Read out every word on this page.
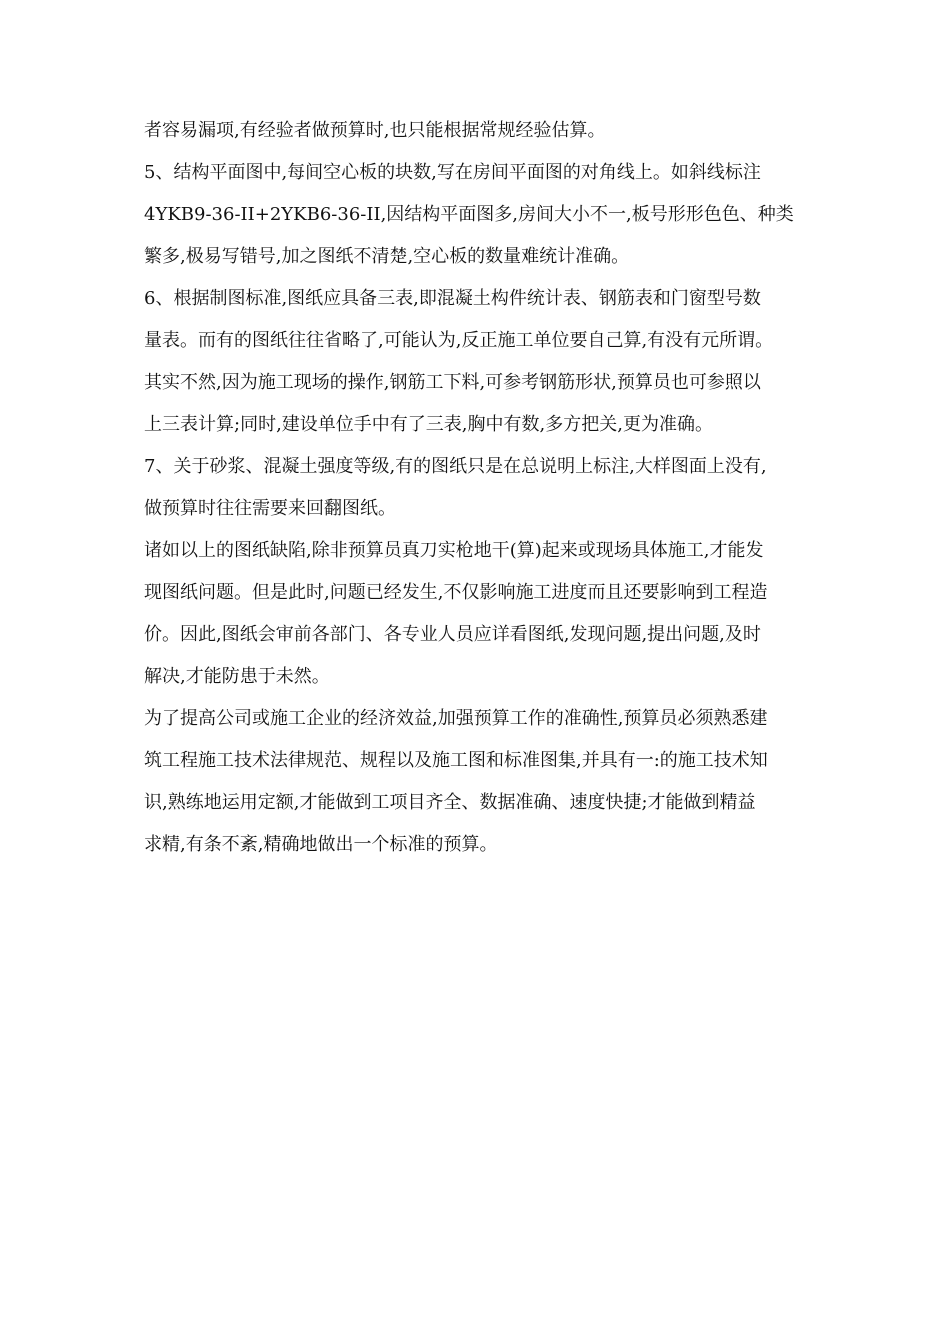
者容易漏项,有经验者做预算时,也只能根据常规经验估算。
5、结构平面图中,每间空心板的块数,写在房间平面图的对角线上。如斜线标注
4YKB9-36-II+2YKB6-36-II,因结构平面图多,房间大小不一,板号形形色色、种类
繁多,极易写错号,加之图纸不清楚,空心板的数量难统计准确。
6、根据制图标准,图纸应具备三表,即混凝土构件统计表、钢筋表和门窗型号数
量表。而有的图纸往往省略了,可能认为,反正施工单位要自己算,有没有元所谓。
其实不然,因为施工现场的操作,钢筋工下料,可参考钢筋形状,预算员也可参照以
上三表计算;同时,建设单位手中有了三表,胸中有数,多方把关,更为准确。
7、关于砂浆、混凝土强度等级,有的图纸只是在总说明上标注,大样图面上没有,
做预算时往往需要来回翻图纸。
诸如以上的图纸缺陷,除非预算员真刀实枪地干(算)起来或现场具体施工,才能发
现图纸问题。但是此时,问题已经发生,不仅影响施工进度而且还要影响到工程造
价。因此,图纸会审前各部门、各专业人员应详看图纸,发现问题,提出问题,及时
解决,才能防患于未然。
为了提高公司或施工企业的经济效益,加强预算工作的准确性,预算员必须熟悉建
筑工程施工技术法律规范、规程以及施工图和标准图集,并具有一:的施工技术知
识,熟练地运用定额,才能做到工项目齐全、数据准确、速度快捷;才能做到精益
求精,有条不紊,精确地做出一个标准的预算。
